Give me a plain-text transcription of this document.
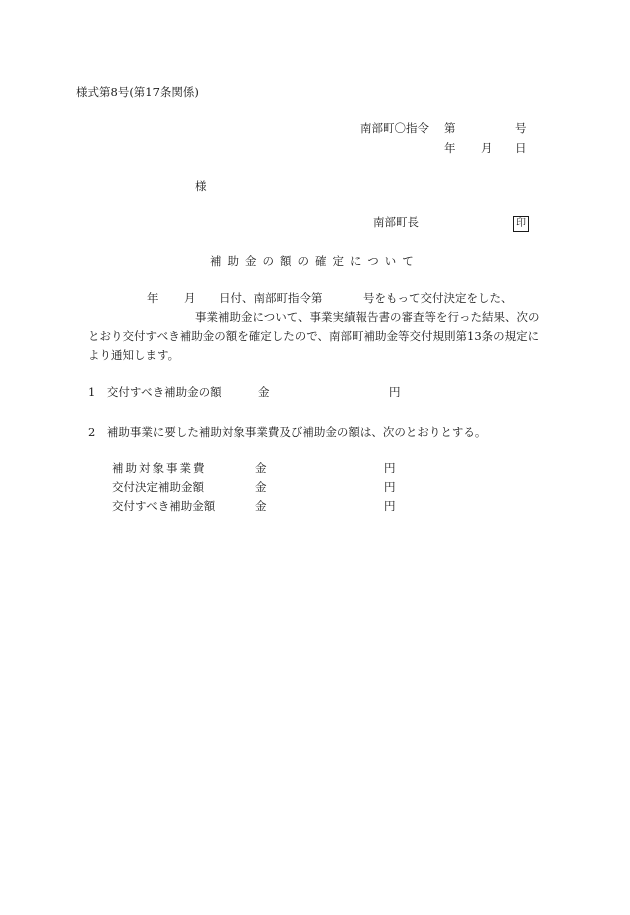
様式第8号(第17条関係)
南部町〇指令 第	号
年 月 日
様
南部町長	印
補助金の額の確定について
年 月 日付、南部町指令第	号をもって交付決定をした、
事業補助金について、事業実績報告書の審査等を行った結果、次の
とおり交付すべき補助金の額を確定したので、南部町補助金等交付規則第13条の規定に
より通知します。
1　交付すべき補助金の額	金	円
2　補助事業に要した補助対象事業費及び補助金の額は、次のとおりとする。
補助対象事業費	金	円
交付決定補助金額	金	円
交付すべき補助金額	金	円
